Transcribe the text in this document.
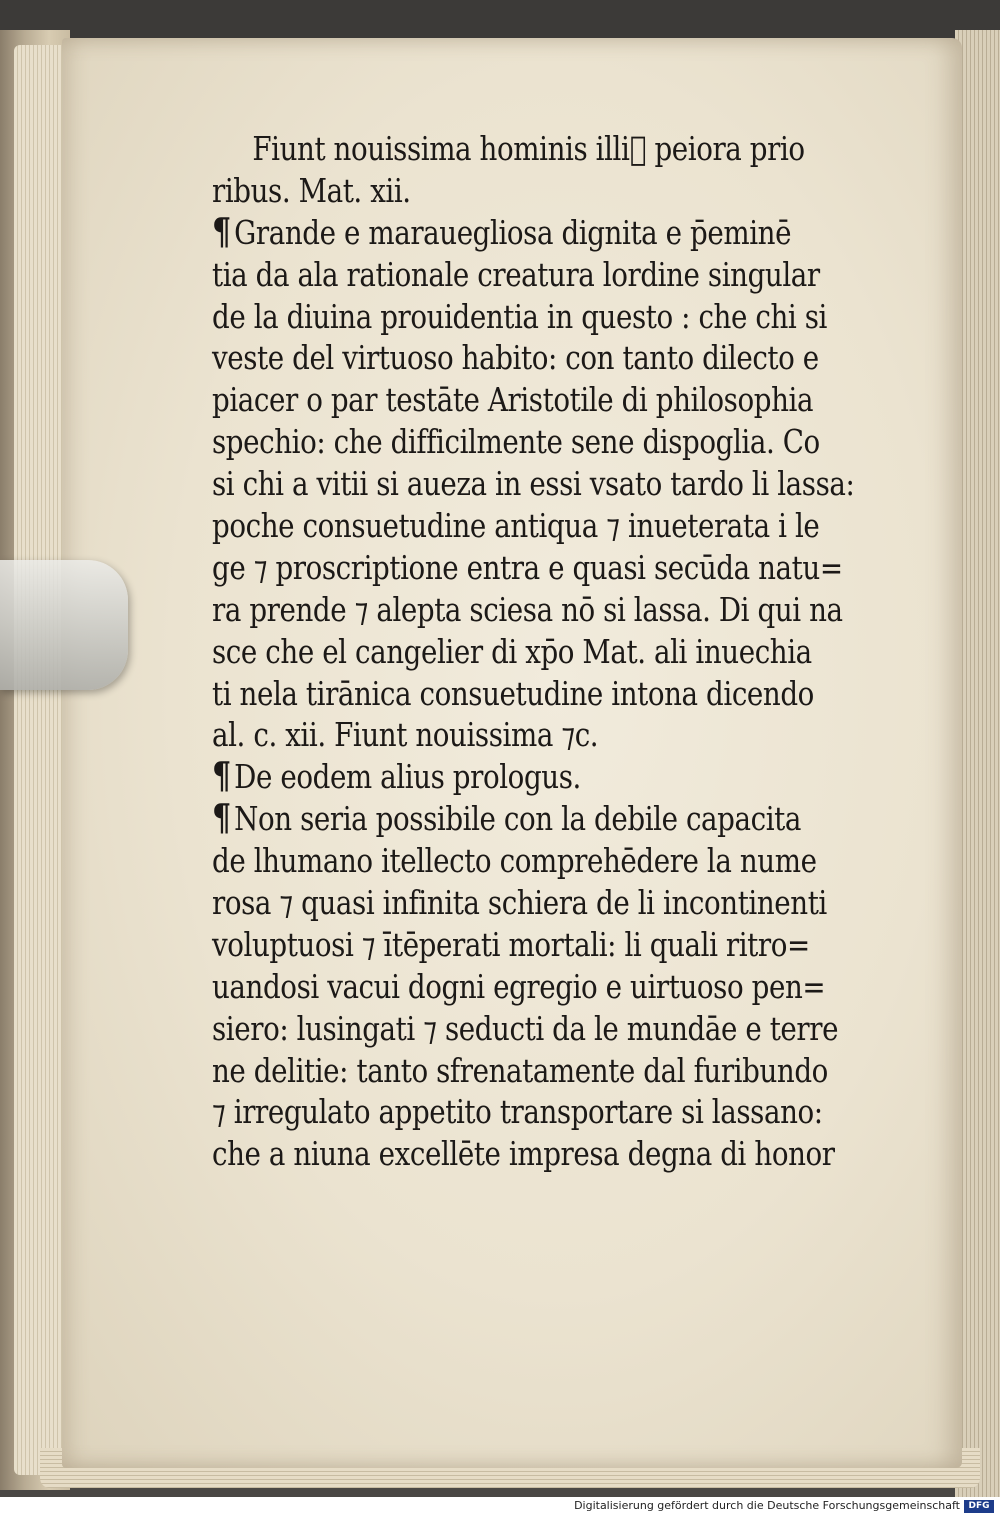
Fiunt nouissima hominis illi᷒ peiora prio
ribus. Mat. xii.
¶ Grande e marauegliosa dignita e p̄eminē
tia da ala rationale creatura lordine singular
de la diuina prouidentia in questo : che chi si
veste del virtuoso habito: con tanto dilecto e
piacer o par testāte Aristotile di philosophia
spechio: che difficilmente sene dispoglia. Co
si chi a vitii si aueza in essi vsato tardo li lassa:
poche consuetudine antiqua ⁊ inueterata i le
ge ⁊ proscriptione entra e quasi secūda natu=
ra prende ⁊ alepta sciesa nō si lassa. Di qui na
sce che el cangelier di xp̄o Mat. ali inuechia
ti nela tirānica consuetudine intona dicendo
al. c. xii. Fiunt nouissima ⁊c.
¶ De eodem alius prologus.
¶ Non seria possibile con la debile capacita
de lhumano itellecto comprehēdere la nume
rosa ⁊ quasi infinita schiera de li incontinenti
voluptuosi ⁊ ītēperati mortali: li quali ritro=
uandosi vacui dogni egregio e uirtuoso pen=
siero: lusingati ⁊ seducti da le mundāe e terre
ne delitie: tanto sfrenatamente dal furibundo
⁊ irregulato appetito transportare si lassano:
che a niuna excellēte impresa degna di honor
Digitalisierung gefördert durch die Deutsche Forschungsgemeinschaft DFG
